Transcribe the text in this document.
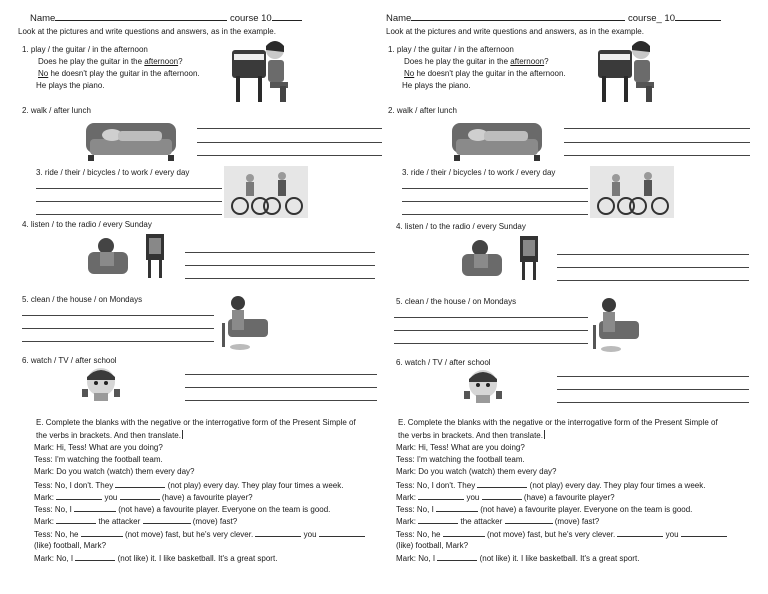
Name	course 10
Look at the pictures and write questions and answers, as in the example.
1. play / the guitar / in the afternoon
Does he play the guitar in the afternoon?
No he doesn't play the guitar in the afternoon.
He plays the piano.
2. walk / after lunch
3. ride / their / bicycles / to work / every day
4. listen / to the radio / every Sunday
5. clean / the house / on Mondays
6. watch / TV / after school
E. Complete the blanks with the negative or the interrogative form of the Present Simple of
the verbs in brackets. And then translate.
Mark: Hi, Tess! What are you doing?
Tess: I'm watching the football team.
Mark: Do you watch (watch) them every day?
Tess: No, I don't. They	(not play) every day. They play four times a week.
Mark:	you	(have) a favourite player?
Tess: No, I	(not have) a favourite player. Everyone on the team is good.
Mark:	the attacker	(move) fast?
Tess: No, he	(not move) fast, but he's very clever.	you
(like) football, Mark?
Mark: No, I	(not like) it. I like basketball. It's a great sport.
Name	course_ 10
Look at the pictures and write questions and answers, as in the example.
1. play / the guitar / in the afternoon
Does he play the guitar in the afternoon?
No he doesn't play the guitar in the afternoon.
He plays the piano.
2. walk / after lunch
3. ride / their / bicycles / to work / every day
4. listen / to the radio / every Sunday
5. clean / the house / on Mondays
6. watch / TV / after school
E. Complete the blanks with the negative or the interrogative form of the Present Simple of
the verbs in brackets. And then translate.
Mark: Hi, Tess! What are you doing?
Tess: I'm watching the football team.
Mark: Do you watch (watch) them every day?
Tess: No, I don't. They	(not play) every day. They play four times a week.
Mark:	you	(have) a favourite player?
Tess: No, I	(not have) a favourite player. Everyone on the team is good.
Mark:	the attacker	(move) fast?
Tess: No, he	(not move) fast, but he's very clever.	you
(like) football, Mark?
Mark: No, I	(not like) it. I like basketball. It's a great sport.
